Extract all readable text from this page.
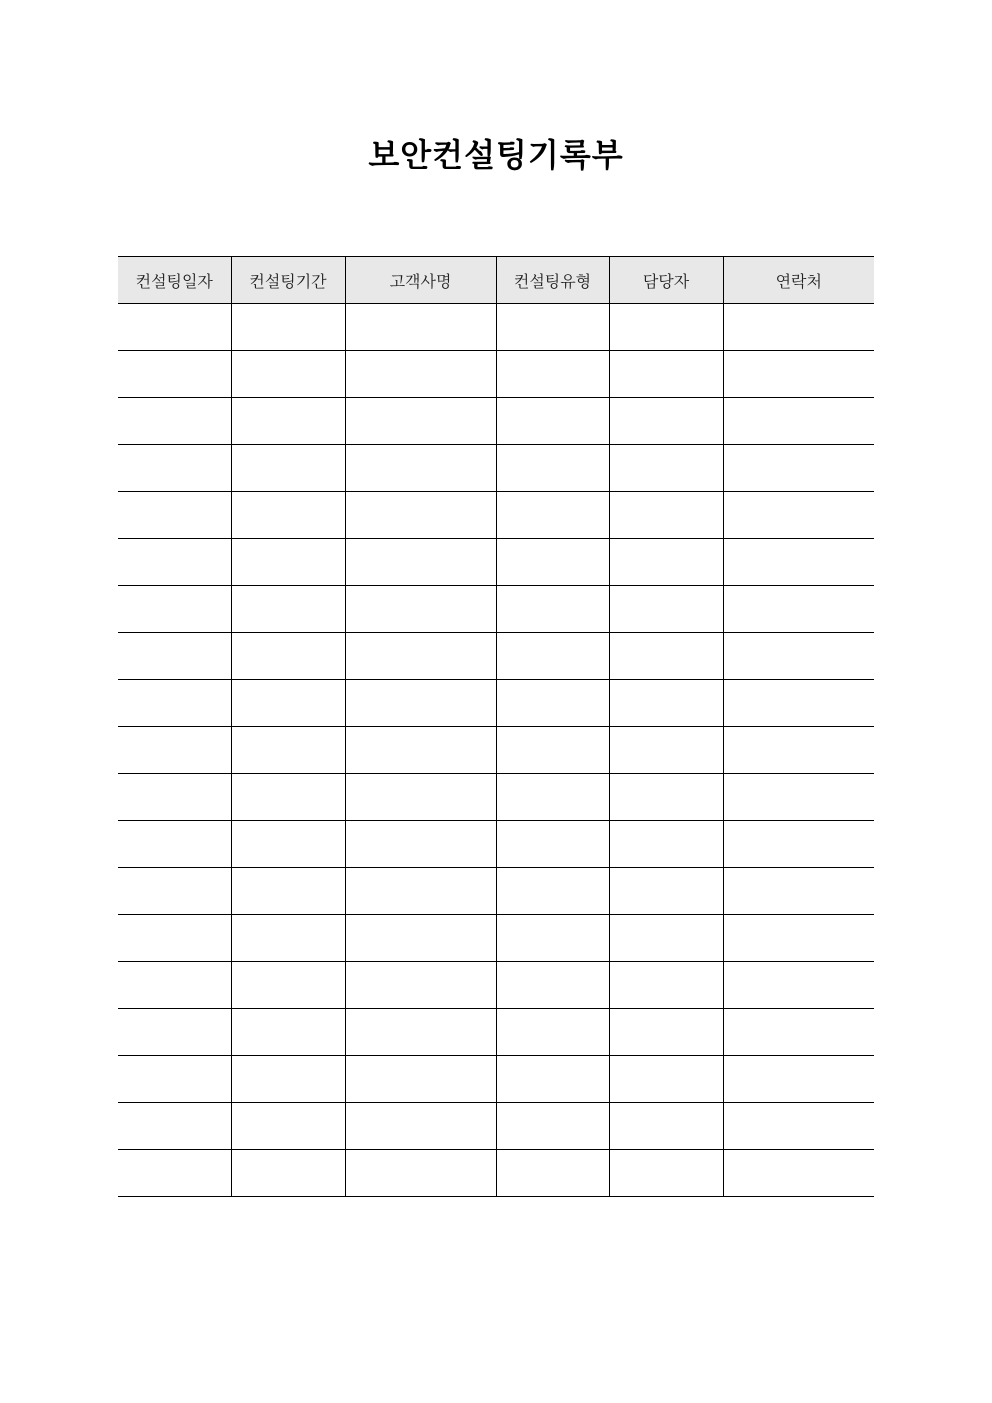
보안컨설팅기록부
컨설팅일자	컨설팅기간	고객사명	컨설팅유형	담당자	연락처
